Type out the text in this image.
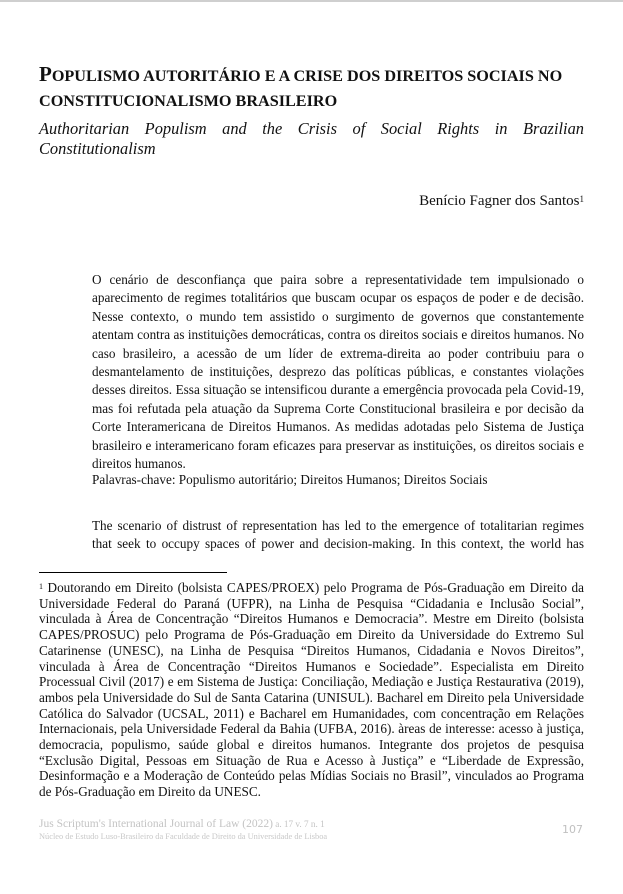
POPULISMO AUTORITÁRIO E A CRISE DOS DIREITOS SOCIAIS NO
CONSTITUCIONALISMO BRASILEIRO
Authoritarian Populism and the Crisis of Social Rights in Brazilian
Constitutionalism
Benício Fagner dos Santos$^1$

O cenário de desconfiança que paira sobre a representatividade tem impulsionado o aparecimento de regimes totalitários que buscam ocupar os espaços de poder e de decisão. Nesse contexto, o mundo tem assistido o surgimento de governos que constantemente atentam contra as instituições democráticas, contra os direitos sociais e direitos humanos. No caso brasileiro, a acessão de um líder de extrema-direita ao poder contribuiu para o desmantelamento de instituições, desprezo das políticas públicas, e constantes violações desses direitos. Essa situação se intensificou durante a emergência provocada pela Covid-19, mas foi refutada pela atuação da Suprema Corte Constitucional brasileira e por decisão da Corte Interamericana de Direitos Humanos. As medidas adotadas pelo Sistema de Justiça brasileiro e interamericano foram eficazes para preservar as instituições, os direitos sociais e direitos humanos.

Palavras-chave: Populismo autoritário; Direitos Humanos; Direitos Sociais
The scenario of distrust of representation has led to the emergence of totalitarian regimes that seek to occupy spaces of power and decision-making. In this context, the world has
$^1$ Doutorando em Direito (bolsista CAPES/PROEX) pelo Programa de Pós-Graduação em Direito da Universidade Federal do Paraná (UFPR), na Linha de Pesquisa “Cidadania e Inclusão Social”, vinculada à Área de Concentração “Direitos Humanos e Democracia”. Mestre em Direito (bolsista CAPES/PROSUC) pelo Programa de Pós-Graduação em Direito da Universidade do Extremo Sul Catarinense (UNESC), na Linha de Pesquisa “Direitos Humanos, Cidadania e Novos Direitos”, vinculada à Área de Concentração “Direitos Humanos e Sociedade”. Especialista em Direito Processual Civil (2017) e em Sistema de Justiça: Conciliação, Mediação e Justiça Restaurativa (2019), ambos pela Universidade do Sul de Santa Catarina (UNISUL). Bacharel em Direito pela Universidade Católica do Salvador (UCSAL, 2011) e Bacharel em Humanidades, com concentração em Relações Internacionais, pela Universidade Federal da Bahia (UFBA, 2016). àreas de interesse: acesso à justiça, democracia, populismo, saúde global e direitos humanos. Integrante dos projetos de pesquisa “Exclusão Digital, Pessoas em Situação de Rua e Acesso à Justiça” e “Liberdade de Expressão, Desinformação e a Moderação de Conteúdo pelas Mídias Sociais no Brasil”, vinculados ao Programa de Pós-Graduação em Direito da UNESC.
Jus Scriptum's International Journal of Law (2022) a. 17 v. 7 n. 1
Núcleo de Estudo Luso-Brasileiro da Faculdade de Direito da Universidade de Lisboa
107
